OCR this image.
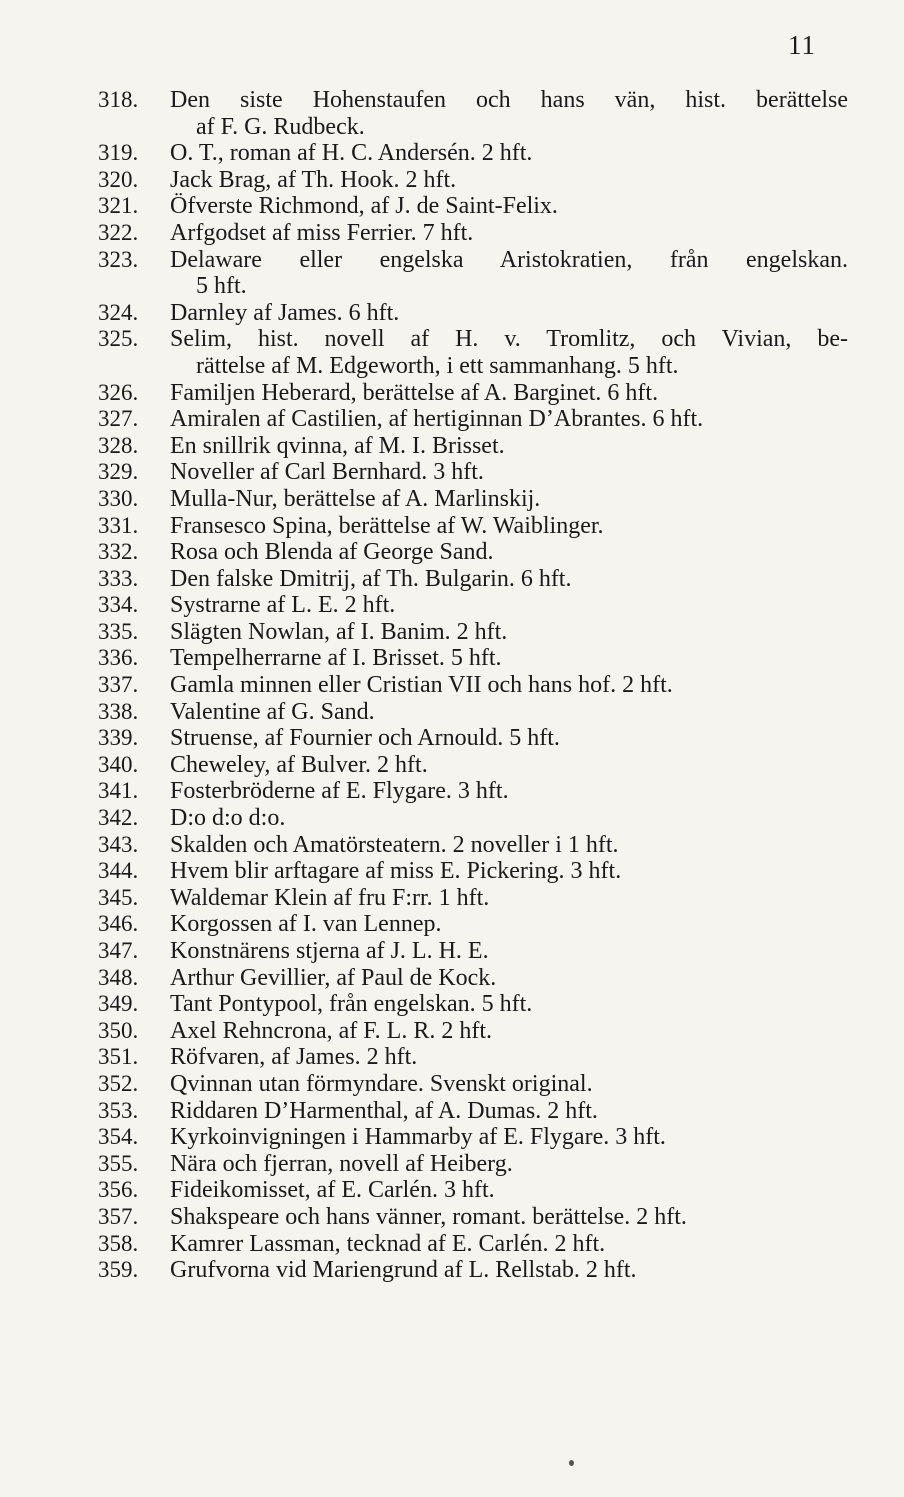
11
318.	Den siste Hohenstaufen och hans vän, hist. berättelse
af F. G. Rudbeck.
319.	O. T., roman af H. C. Andersén. 2 hft.
320.	Jack Brag, af Th. Hook. 2 hft.
321.	Öfverste Richmond, af J. de Saint-Felix.
322.	Arfgodset af miss Ferrier. 7 hft.
323.	Delaware eller engelska Aristokratien, från engelskan.
5 hft.
324.	Darnley af James. 6 hft.
325.	Selim, hist. novell af H. v. Tromlitz, och Vivian, be-
rättelse af M. Edgeworth, i ett sammanhang. 5 hft.
326.	Familjen Heberard, berättelse af A. Barginet. 6 hft.
327.	Amiralen af Castilien, af hertiginnan D’Abrantes. 6 hft.
328.	En snillrik qvinna, af M. I. Brisset.
329.	Noveller af Carl Bernhard. 3 hft.
330.	Mulla-Nur, berättelse af A. Marlinskij.
331.	Fransesco Spina, berättelse af W. Waiblinger.
332.	Rosa och Blenda af George Sand.
333.	Den falske Dmitrij, af Th. Bulgarin. 6 hft.
334.	Systrarne af L. E. 2 hft.
335.	Slägten Nowlan, af I. Banim. 2 hft.
336.	Tempelherrarne af I. Brisset. 5 hft.
337.	Gamla minnen eller Cristian VII och hans hof. 2 hft.
338.	Valentine af G. Sand.
339.	Struense, af Fournier och Arnould. 5 hft.
340.	Cheweley, af Bulver. 2 hft.
341.	Fosterbröderne af E. Flygare. 3 hft.
342.	D:o d:o d:o.
343.	Skalden och Amatörsteatern. 2 noveller i 1 hft.
344.	Hvem blir arftagare af miss E. Pickering. 3 hft.
345.	Waldemar Klein af fru F:rr. 1 hft.
346.	Korgossen af I. van Lennep.
347.	Konstnärens stjerna af J. L. H. E.
348.	Arthur Gevillier, af Paul de Kock.
349.	Tant Pontypool, från engelskan. 5 hft.
350.	Axel Rehncrona, af F. L. R. 2 hft.
351.	Röfvaren, af James. 2 hft.
352.	Qvinnan utan förmyndare. Svenskt original.
353.	Riddaren D’Harmenthal, af A. Dumas. 2 hft.
354.	Kyrkoinvigningen i Hammarby af E. Flygare. 3 hft.
355.	Nära och fjerran, novell af Heiberg.
356.	Fideikomisset, af E. Carlén. 3 hft.
357.	Shakspeare och hans vänner, romant. berättelse. 2 hft.
358.	Kamrer Lassman, tecknad af E. Carlén. 2 hft.
359.	Grufvorna vid Mariengrund af L. Rellstab. 2 hft.
